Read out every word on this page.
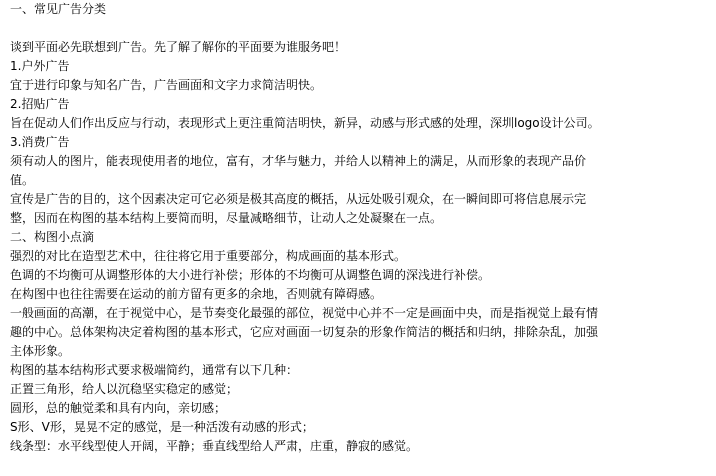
一、常见广告分类
谈到平面必先联想到广告。先了解了解你的平面要为谁服务吧！
1.户外广告
宜于进行印象与知名广告，广告画面和文字力求简洁明快。
2.招贴广告
旨在促动人们作出反应与行动，表现形式上更注重简洁明快，新异，动感与形式感的处理，深圳logo设计公司。
3.消费广告
须有动人的图片，能表现使用者的地位，富有，才华与魅力，并给人以精神上的满足，从而形象的表现产品价
值。
宣传是广告的目的，这个因素决定可它必须是极其高度的概括，从远处吸引观众，在一瞬间即可将信息展示完
整，因而在构图的基本结构上要简而明，尽量减略细节，让动人之处凝聚在一点。
二、构图小点滴
强烈的对比在造型艺术中，往往将它用于重要部分，构成画面的基本形式。
色调的不均衡可从调整形体的大小进行补偿；形体的不均衡可从调整色调的深浅进行补偿。
在构图中也往往需要在运动的前方留有更多的余地，否则就有障碍感。
一般画面的高潮，在于视觉中心，是节奏变化最强的部位，视觉中心并不一定是画面中央，而是指视觉上最有情
趣的中心。总体架构决定着构图的基本形式，它应对画面一切复杂的形象作简洁的概括和归纳，排除杂乱，加强
主体形象。
构图的基本结构形式要求极端简约，通常有以下几种：
正置三角形，给人以沉稳坚实稳定的感觉；
圆形，总的触觉柔和具有内向，亲切感；
S形、V形，晃晃不定的感觉，是一种活泼有动感的形式；
线条型：水平线型使人开阔，平静；垂直线型给人严肃，庄重，静寂的感觉。
